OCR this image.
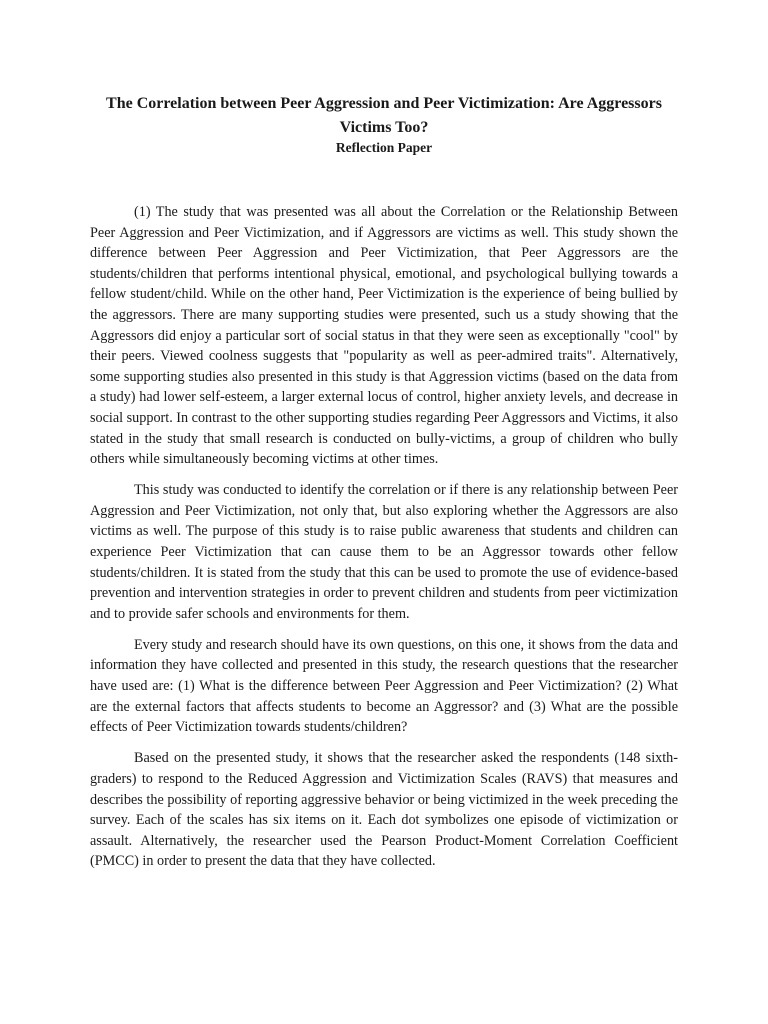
The Correlation between Peer Aggression and Peer Victimization: Are Aggressors Victims Too?
Reflection Paper

(1) The study that was presented was all about the Correlation or the Relationship Between Peer Aggression and Peer Victimization, and if Aggressors are victims as well. This study shown the difference between Peer Aggression and Peer Victimization, that Peer Aggressors are the students/children that performs intentional physical, emotional, and psychological bullying towards a fellow student/child. While on the other hand, Peer Victimization is the experience of being bullied by the aggressors. There are many supporting studies were presented, such us a study showing that the Aggressors did enjoy a particular sort of social status in that they were seen as exceptionally "cool" by their peers. Viewed coolness suggests that "popularity as well as peer-admired traits". Alternatively, some supporting studies also presented in this study is that Aggression victims (based on the data from a study) had lower self-esteem, a larger external locus of control, higher anxiety levels, and decrease in social support. In contrast to the other supporting studies regarding Peer Aggressors and Victims, it also stated in the study that small research is conducted on bully-victims, a group of children who bully others while simultaneously becoming victims at other times.

This study was conducted to identify the correlation or if there is any relationship between Peer Aggression and Peer Victimization, not only that, but also exploring whether the Aggressors are also victims as well. The purpose of this study is to raise public awareness that students and children can experience Peer Victimization that can cause them to be an Aggressor towards other fellow students/children. It is stated from the study that this can be used to promote the use of evidence-based prevention and intervention strategies in order to prevent children and students from peer victimization and to provide safer schools and environments for them.

Every study and research should have its own questions, on this one, it shows from the data and information they have collected and presented in this study, the research questions that the researcher have used are: (1) What is the difference between Peer Aggression and Peer Victimization? (2) What are the external factors that affects students to become an Aggressor? and (3) What are the possible effects of Peer Victimization towards students/children?

Based on the presented study, it shows that the researcher asked the respondents (148 sixth-graders) to respond to the Reduced Aggression and Victimization Scales (RAVS) that measures and describes the possibility of reporting aggressive behavior or being victimized in the week preceding the survey. Each of the scales has six items on it. Each dot symbolizes one episode of victimization or assault. Alternatively, the researcher used the Pearson Product-Moment Correlation Coefficient (PMCC) in order to present the data that they have collected.
